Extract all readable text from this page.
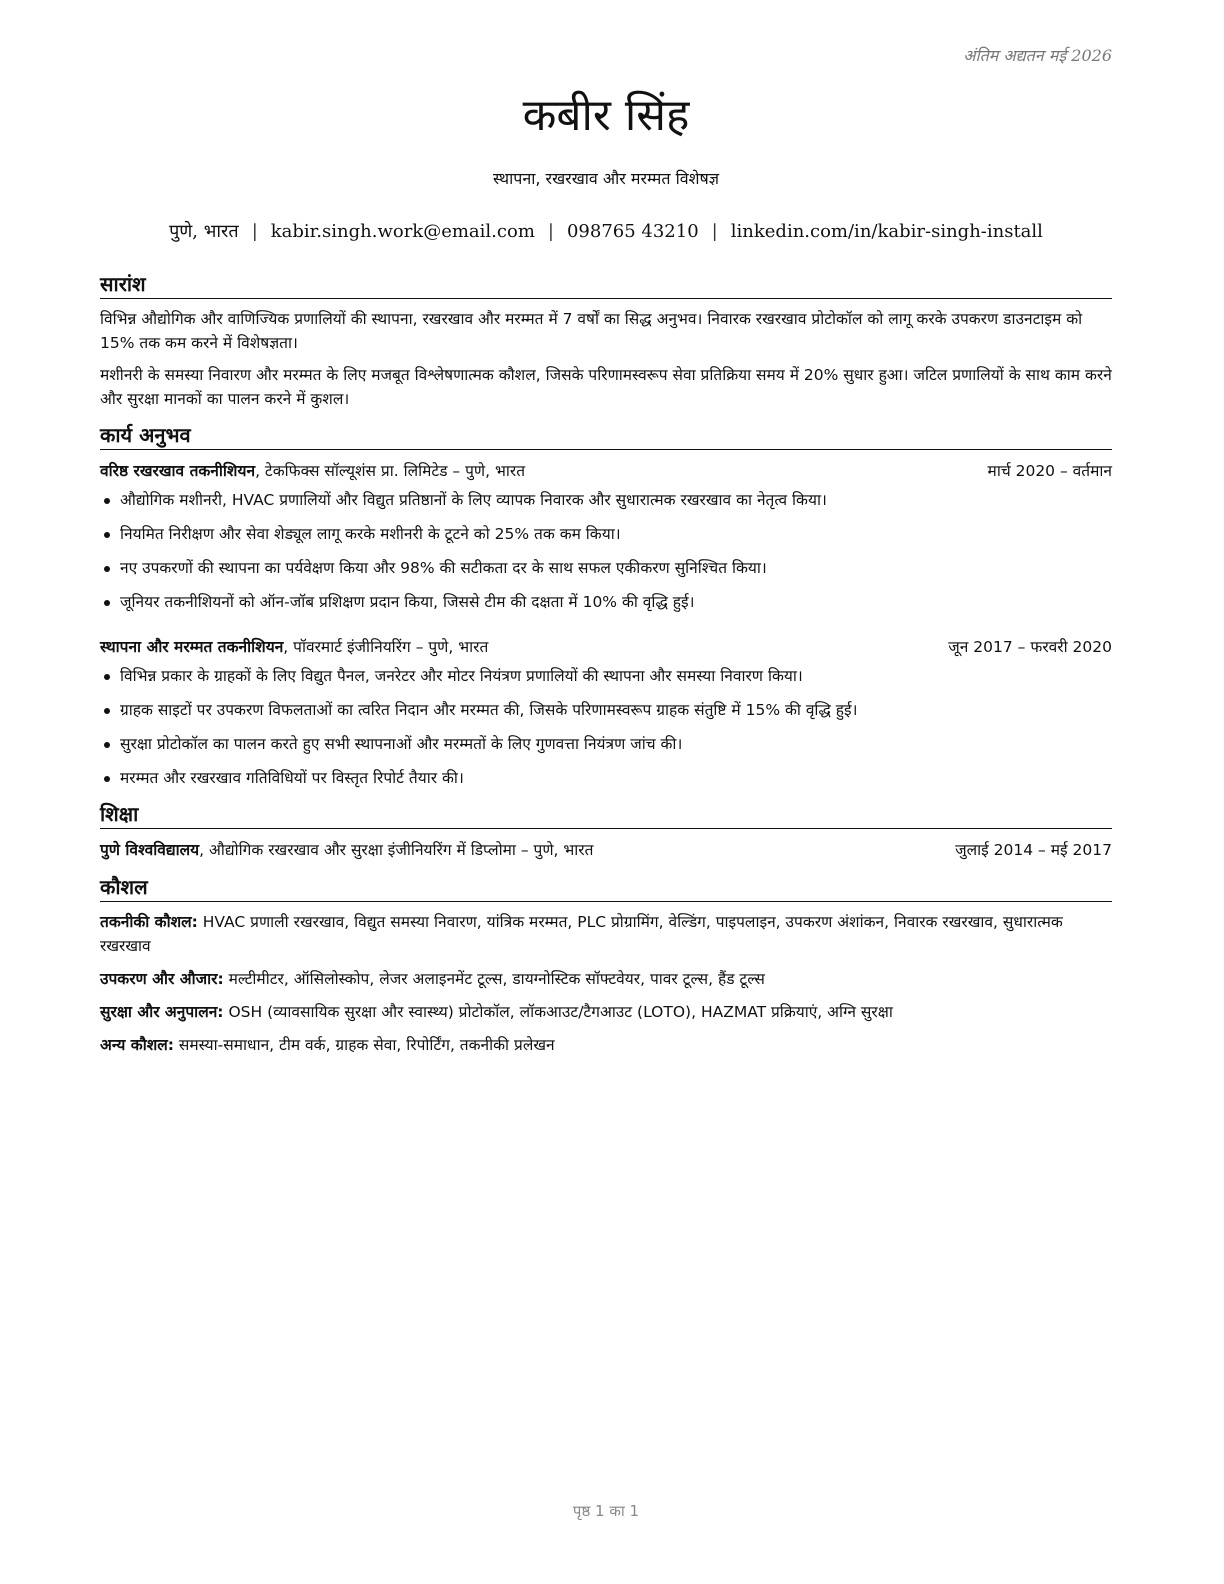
अंतिम अद्यतन मई 2026
कबीर सिंह
स्थापना, रखरखाव और मरम्मत विशेषज्ञ
पुणे, भारत | kabir.singh.work@email.com | 098765 43210 | linkedin.com/in/kabir-singh-install
सारांश

विभिन्न औद्योगिक और वाणिज्यिक प्रणालियों की स्थापना, रखरखाव और मरम्मत में 7 वर्षों का सिद्ध अनुभव। निवारक रखरखाव प्रोटोकॉल को लागू करके उपकरण डाउनटाइम को 15% तक कम करने में विशेषज्ञता।

मशीनरी के समस्या निवारण और मरम्मत के लिए मजबूत विश्लेषणात्मक कौशल, जिसके परिणामस्वरूप सेवा प्रतिक्रिया समय में 20% सुधार हुआ। जटिल प्रणालियों के साथ काम करने और सुरक्षा मानकों का पालन करने में कुशल।

कार्य अनुभव
वरिष्ठ रखरखाव तकनीशियन, टेकफिक्स सॉल्यूशंस प्रा. लिमिटेड – पुणे, भारत	मार्च 2020 – वर्तमान
औद्योगिक मशीनरी, HVAC प्रणालियों और विद्युत प्रतिष्ठानों के लिए व्यापक निवारक और सुधारात्मक रखरखाव का नेतृत्व किया।
नियमित निरीक्षण और सेवा शेड्यूल लागू करके मशीनरी के टूटने को 25% तक कम किया।
नए उपकरणों की स्थापना का पर्यवेक्षण किया और 98% की सटीकता दर के साथ सफल एकीकरण सुनिश्चित किया।
जूनियर तकनीशियनों को ऑन-जॉब प्रशिक्षण प्रदान किया, जिससे टीम की दक्षता में 10% की वृद्धि हुई।
स्थापना और मरम्मत तकनीशियन, पॉवरमार्ट इंजीनियरिंग – पुणे, भारत	जून 2017 – फरवरी 2020
विभिन्न प्रकार के ग्राहकों के लिए विद्युत पैनल, जनरेटर और मोटर नियंत्रण प्रणालियों की स्थापना और समस्या निवारण किया।
ग्राहक साइटों पर उपकरण विफलताओं का त्वरित निदान और मरम्मत की, जिसके परिणामस्वरूप ग्राहक संतुष्टि में 15% की वृद्धि हुई।
सुरक्षा प्रोटोकॉल का पालन करते हुए सभी स्थापनाओं और मरम्मतों के लिए गुणवत्ता नियंत्रण जांच की।
मरम्मत और रखरखाव गतिविधियों पर विस्तृत रिपोर्ट तैयार की।
शिक्षा
पुणे विश्वविद्यालय, औद्योगिक रखरखाव और सुरक्षा इंजीनियरिंग में डिप्लोमा – पुणे, भारत	जुलाई 2014 – मई 2017
कौशल

तकनीकी कौशल: HVAC प्रणाली रखरखाव, विद्युत समस्या निवारण, यांत्रिक मरम्मत, PLC प्रोग्रामिंग, वेल्डिंग, पाइपलाइन, उपकरण अंशांकन, निवारक रखरखाव, सुधारात्मक रखरखाव

उपकरण और औजार: मल्टीमीटर, ऑसिलोस्कोप, लेजर अलाइनमेंट टूल्स, डायग्नोस्टिक सॉफ्टवेयर, पावर टूल्स, हैंड टूल्स

सुरक्षा और अनुपालन: OSH (व्यावसायिक सुरक्षा और स्वास्थ्य) प्रोटोकॉल, लॉकआउट/टैगआउट (LOTO), HAZMAT प्रक्रियाएं, अग्नि सुरक्षा

अन्य कौशल: समस्या-समाधान, टीम वर्क, ग्राहक सेवा, रिपोर्टिंग, तकनीकी प्रलेखन

पृष्ठ 1 का 1
